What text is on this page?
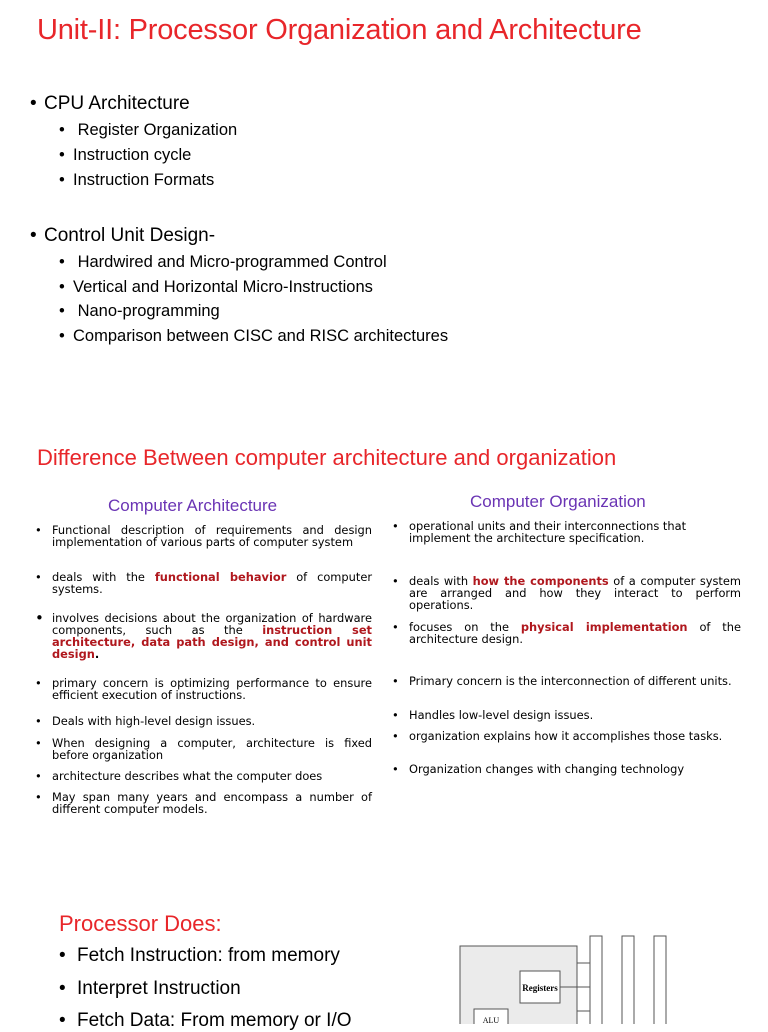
Unit-II: Processor Organization and Architecture
• CPU Architecture
• Register Organization
• Instruction cycle
• Instruction Formats
• Control Unit Design-
• Hardwired and Micro-programmed Control
• Vertical and Horizontal Micro-Instructions
• Nano-programming
• Comparison between CISC and RISC architectures
Difference Between computer architecture and organization
Computer Architecture	Computer Organization
• Functional description of requirements and design implementation of various parts of computer system
• deals with the functional behavior of computer systems.
• involves decisions about the organization of hardware components, such as the instruction set architecture, data path design, and control unit design.
• primary concern is optimizing performance to ensure efficient execution of instructions.
• Deals with high-level design issues.
• When designing a computer, architecture is fixed before organization
• architecture describes what the computer does
• May span many years and encompass a number of different computer models.
• operational units and their interconnections that implement the architecture specification.
• deals with how the components of a computer system are arranged and how they interact to perform operations.
• focuses on the physical implementation of the architecture design.
• Primary concern is the interconnection of different units.
• Handles low-level design issues.
• organization explains how it accomplishes those tasks.
• Organization changes with changing technology
Processor Does:
• Fetch Instruction: from memory
• Interpret Instruction
• Fetch Data: From memory or I/O
Registers
ALU
